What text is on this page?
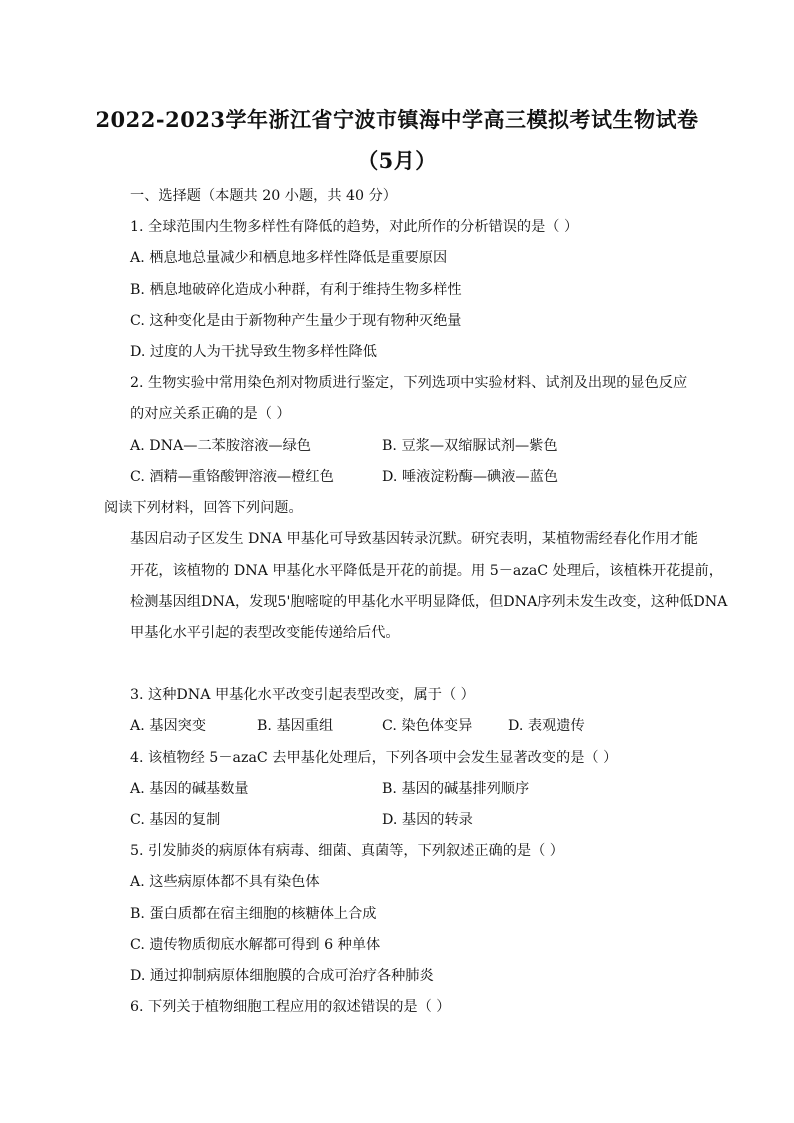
2022-2023学年浙江省宁波市镇海中学高三模拟考试生物试卷
（5月）
一、选择题（本题共 20 小题，共 40 分）
1. 全球范围内生物多样性有降低的趋势，对此所作的分析错误的是（ ）
A. 栖息地总量减少和栖息地多样性降低是重要原因
B. 栖息地破碎化造成小种群，有利于维持生物多样性
C. 这种变化是由于新物种产生量少于现有物种灭绝量
D. 过度的人为干扰导致生物多样性降低
2. 生物实验中常用染色剂对物质进行鉴定，下列选项中实验材料、试剂及出现的显色反应
的对应关系正确的是（ ）
A. DNA—二苯胺溶液—绿色	B. 豆浆—双缩脲试剂—紫色
C. 酒精—重铬酸钾溶液—橙红色	D. 唾液淀粉酶—碘液—蓝色
阅读下列材料，回答下列问题。
基因启动子区发生 DNA 甲基化可导致基因转录沉默。研究表明，某植物需经春化作用才能
开花，该植物的 DNA 甲基化水平降低是开花的前提。用 5－azaC 处理后，该植株开花提前，
检测基因组DNA，发现5'胞嘧啶的甲基化水平明显降低，但DNA序列未发生改变，这种低DNA
甲基化水平引起的表型改变能传递给后代。
3. 这种DNA 甲基化水平改变引起表型改变，属于（ ）
A. 基因突变	B. 基因重组	C. 染色体变异	D. 表观遗传
4. 该植物经 5－azaC 去甲基化处理后，下列各项中会发生显著改变的是（ ）
A. 基因的碱基数量	B. 基因的碱基排列顺序
C. 基因的复制	D. 基因的转录
5. 引发肺炎的病原体有病毒、细菌、真菌等，下列叙述正确的是（ ）
A. 这些病原体都不具有染色体
B. 蛋白质都在宿主细胞的核糖体上合成
C. 遗传物质彻底水解都可得到 6 种单体
D. 通过抑制病原体细胞膜的合成可治疗各种肺炎
6. 下列关于植物细胞工程应用的叙述错误的是（ ）
